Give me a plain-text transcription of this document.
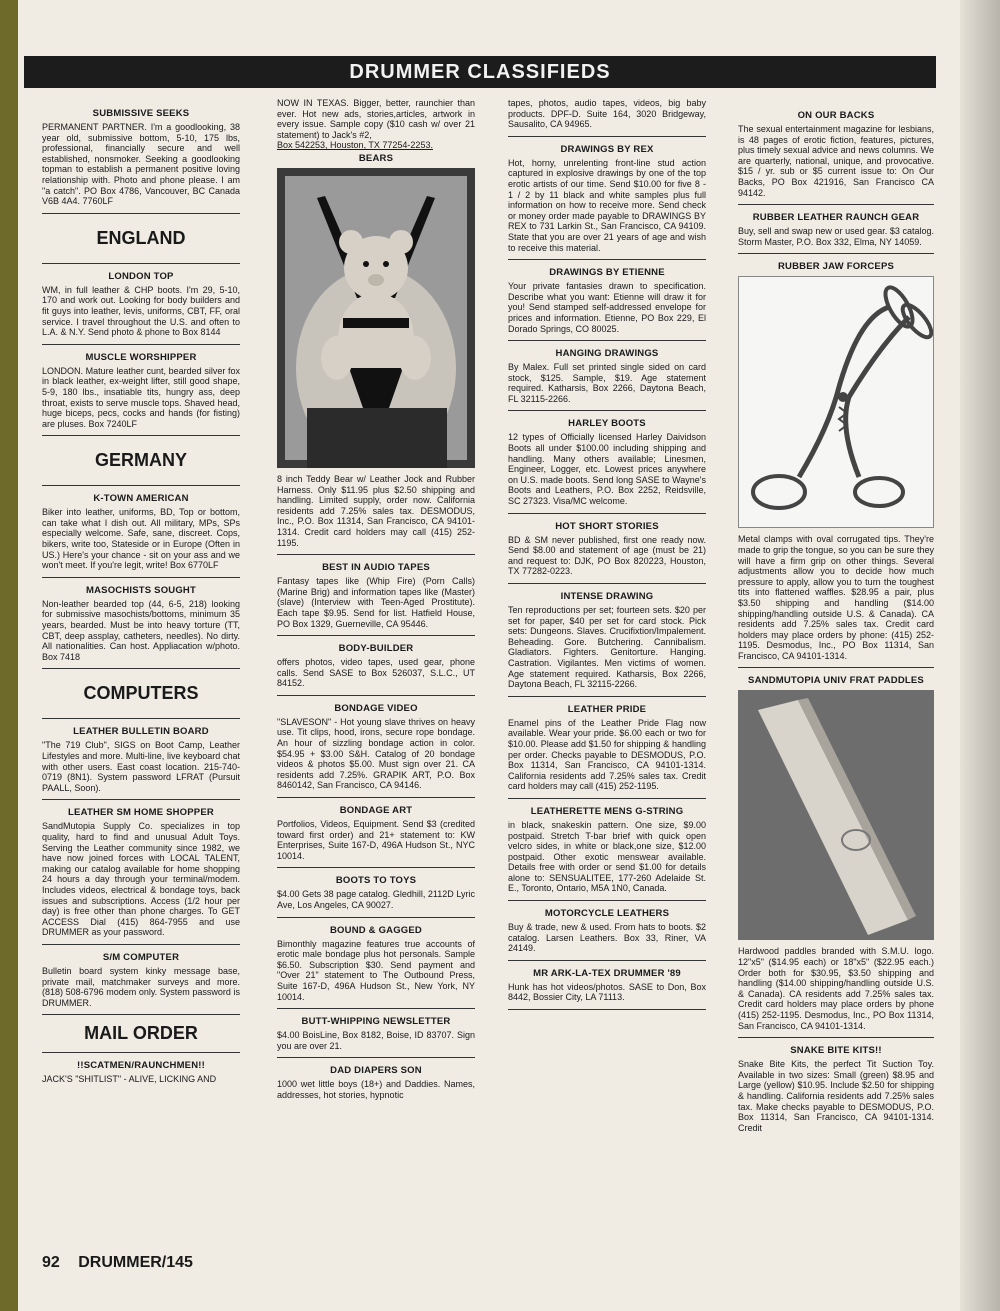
DRUMMER CLASSIFIEDS
SUBMISSIVE SEEKS

PERMANENT PARTNER. I'm a goodlooking, 38 year old, submissive bottom, 5-10, 175 lbs, professional, financially secure and well established, nonsmoker. Seeking a goodlooking topman to establish a permanent positive loving relationship with. Photo and phone please. I am "a catch". PO Box 4786, Vancouver, BC Canada V6B 4A4. 7760LF

ENGLAND
LONDON TOP

WM, in full leather & CHP boots. I'm 29, 5-10, 170 and work out. Looking for body builders and fit guys into leather, levis, uniforms, CBT, FF, oral service. I travel throughout the U.S. and often to L.A. & N.Y. Send photo & phone to Box 8144

MUSCLE WORSHIPPER

LONDON. Mature leather cunt, bearded silver fox in black leather, ex-weight lifter, still good shape, 5-9, 180 lbs., insatiable tits, hungry ass, deep throat, exists to serve muscle tops. Shaved head, huge biceps, pecs, cocks and hands (for fisting) are pluses. Box 7240LF

GERMANY
K-TOWN AMERICAN

Biker into leather, uniforms, BD, Top or bottom, can take what I dish out. All military, MPs, SPs especially welcome. Safe, sane, discreet. Cops, bikers, write too, Stateside or in Europe (Often in US.) Here's your chance - sit on your ass and we won't meet. If you're legit, write! Box 6770LF

MASOCHISTS SOUGHT

Non-leather bearded top (44, 6-5, 218) looking for submissive masochists/bottoms, minimum 35 years, bearded. Must be into heavy torture (TT, CBT, deep assplay, catheters, needles). No dirty. All nationalities. Can host. Appliacation w/photo. Box 7418

COMPUTERS
LEATHER BULLETIN BOARD

"The 719 Club", SIGS on Boot Camp, Leather Lifestyles and more. Multi-line, live keyboard chat with other users. East coast location. 215-740-0719 (8N1). System password LFRAT (Pursuit PAALL, Soon).

LEATHER SM HOME SHOPPER

SandMutopia Supply Co. specializes in top quality, hard to find and unusual Adult Toys. Serving the Leather community since 1982, we have now joined forces with LOCAL TALENT, making our catalog available for home shopping 24 hours a day through your terminal/modem. Includes videos, electrical & bondage toys, back issues and subscriptions. Access (1/2 hour per day) is free other than phone charges. To GET ACCESS Dial (415) 864-7955 and use DRUMMER as your password.

S/M COMPUTER

Bulletin board system kinky message base, private mail, matchmaker surveys and more. (818) 508-6796 modem only. System password is DRUMMER.

MAIL ORDER
!!SCATMEN/RAUNCHMEN!!

JACK'S "SHITLIST" - ALIVE, LICKING AND

NOW IN TEXAS. Bigger, better, raunchier than ever. Hot new ads, stories,articles, artwork in every issue. Sample copy ($10 cash w/ over 21 statement) to Jack's #2,

Box 542253, Houston, TX 77254-2253.

BEARS

8 inch Teddy Bear w/ Leather Jock and Rubber Harness. Only $11.95 plus $2.50 shipping and handling. Limited supply, order now. California residents add 7.25% sales tax. DESMODUS, Inc., P.O. Box 11314, San Francisco, CA 94101-1314. Credit card holders may call (415) 252-1195.

BEST IN AUDIO TAPES

Fantasy tapes like (Whip Fire) (Porn Calls) (Marine Brig) and information tapes like (Master) (slave) (Interview with Teen-Aged Prostitute). Each tape $9.95. Send for list. Hatfield House, PO Box 1329, Guerneville, CA 95446.

BODY-BUILDER

offers photos, video tapes, used gear, phone calls. Send SASE to Box 526037, S.L.C., UT 84152.

BONDAGE VIDEO

"SLAVESON" - Hot young slave thrives on heavy use. Tit clips, hood, irons, secure rope bondage. An hour of sizzling bondage action in color. $54.95 + $3.00 S&H. Catalog of 20 bondage videos & photos $5.00. Must sign over 21. CA residents add 7.25%. GRAPIK ART, P.O. Box 8460142, San Francisco, CA 94146.

BONDAGE ART

Portfolios, Videos, Equipment. Send $3 (credited toward first order) and 21+ statement to: KW Enterprises, Suite 167-D, 496A Hudson St., NYC 10014.

BOOTS TO TOYS

$4.00 Gets 38 page catalog. Gledhill, 2112D Lyric Ave, Los Angeles, CA 90027.

BOUND & GAGGED

Bimonthly magazine features true accounts of erotic male bondage plus hot personals. Sample $6.50. Subscription $30. Send payment and "Over 21" statement to The Outbound Press, Suite 167-D, 496A Hudson St., New York, NY 10014.

BUTT-WHIPPING NEWSLETTER

$4.00 BoisLine, Box 8182, Boise, ID 83707. Sign you are over 21.

DAD DIAPERS SON

1000 wet little boys (18+) and Daddies. Names, addresses, hot stories, hypnotic

tapes, photos, audio tapes, videos, big baby products. DPF-D. Suite 164, 3020 Bridgeway, Sausalito, CA 94965.

DRAWINGS BY REX

Hot, horny, unrelenting front-line stud action captured in explosive drawings by one of the top erotic artists of our time. Send $10.00 for five 8 - 1 / 2 by 11 black and white samples plus full information on how to receive more. Send check or money order made payable to DRAWINGS BY REX to 731 Larkin St., San Francisco, CA 94109. State that you are over 21 years of age and wish to receive this material.

DRAWINGS BY ETIENNE

Your private fantasies drawn to specification. Describe what you want: Etienne will draw it for you! Send stamped self-addressed envelope for prices and information. Etienne, PO Box 229, El Dorado Springs, CO 80025.

HANGING DRAWINGS

By Malex. Full set printed single sided on card stock, $125. Sample, $19. Age statement required. Katharsis, Box 2266, Daytona Beach, FL 32115-2266.

HARLEY BOOTS

12 types of Officially licensed Harley Daividson Boots all under $100.00 including shipping and handling. Many others available; Linesmen, Engineer, Logger, etc. Lowest prices anywhere on U.S. made boots. Send long SASE to Wayne's Boots and Leathers, P.O. Box 2252, Reidsville, SC 27323. Visa/MC welcome.

HOT SHORT STORIES

BD & SM never published, first one ready now. Send $8.00 and statement of age (must be 21) and request to: DJK, PO Box 820223, Houston, TX 77282-0223.

INTENSE DRAWING

Ten reproductions per set; fourteen sets. $20 per set for paper, $40 per set for card stock. Pick sets: Dungeons. Slaves. Crucifixtion/Impalement. Beheading. Gore. Butchering. Cannibalism. Gladiators. Fighters. Genitorture. Hanging. Castration. Vigilantes. Men victims of women. Age statement required. Katharsis, Box 2266, Daytona Beach, FL 32115-2266.

LEATHER PRIDE

Enamel pins of the Leather Pride Flag now available. Wear your pride. $6.00 each or two for $10.00. Please add $1.50 for shipping & handling per order. Checks payable to DESMODUS, P.O. Box 11314, San Francisco, CA 94101-1314. California residents add 7.25% sales tax. Credit card holders may call (415) 252-1195.

LEATHERETTE MENS G-STRING

in black, snakeskin pattern. One size, $9.00 postpaid. Stretch T-bar brief with quick open velcro sides, in white or black,one size, $12.00 postpaid. Other exotic menswear available. Details free with order or send $1.00 for details alone to: SENSUALITEE, 177-260 Adelaide St. E., Toronto, Ontario, M5A 1N0, Canada.

MOTORCYCLE LEATHERS

Buy & trade, new & used. From hats to boots. $2 catalog. Larsen Leathers. Box 33, Riner, VA 24149.

MR ARK-LA-TEX DRUMMER '89

Hunk has hot videos/photos. SASE to Don, Box 8442, Bossier City, LA 71113.

ON OUR BACKS

The sexual entertainment magazine for lesbians, is 48 pages of erotic fiction, features, pictures, plus timely sexual advice and news columns. We are quarterly, national, unique, and provocative. $15 / yr. sub or $5 current issue to: On Our Backs, PO Box 421916, San Francisco CA 94142.

RUBBER LEATHER RAUNCH GEAR

Buy, sell and swap new or used gear. $3 catalog. Storm Master, P.O. Box 332, Elma, NY 14059.

RUBBER JAW FORCEPS

Metal clamps with oval corrugated tips. They're made to grip the tongue, so you can be sure they will have a firm grip on other things. Several adjustments allow you to decide how much pressure to apply, allow you to turn the toughest tits into flattened waffles. $28.95 a pair, plus $3.50 shipping and handling ($14.00 shipping/handling outside U.S. & Canada). CA residents add 7.25% sales tax. Credit card holders may place orders by phone: (415) 252-1195. Desmodus, Inc., PO Box 11314, San Francisco, CA 94101-1314.

SANDMUTOPIA UNIV FRAT PADDLES

Hardwood paddles branded with S.M.U. logo. 12"x5" ($14.95 each) or 18"x5" ($22.95 each.) Order both for $30.95, $3.50 shipping and handling ($14.00 shipping/handling outside U.S. & Canada). CA residents add 7.25% sales tax. Credit card holders may place orders by phone (415) 252-1195. Desmodus, Inc., PO Box 11314, San Francisco, CA 94101-1314.

SNAKE BITE KITS!!

Snake Bite Kits, the perfect Tit Suction Toy. Available in two sizes: Small (green) $8.95 and Large (yellow) $10.95. Include $2.50 for shipping & handling. California residents add 7.25% sales tax. Make checks payable to DESMODUS, P.O. Box 11314, San Francisco, CA 94101-1314. Credit

92 DRUMMER/145
